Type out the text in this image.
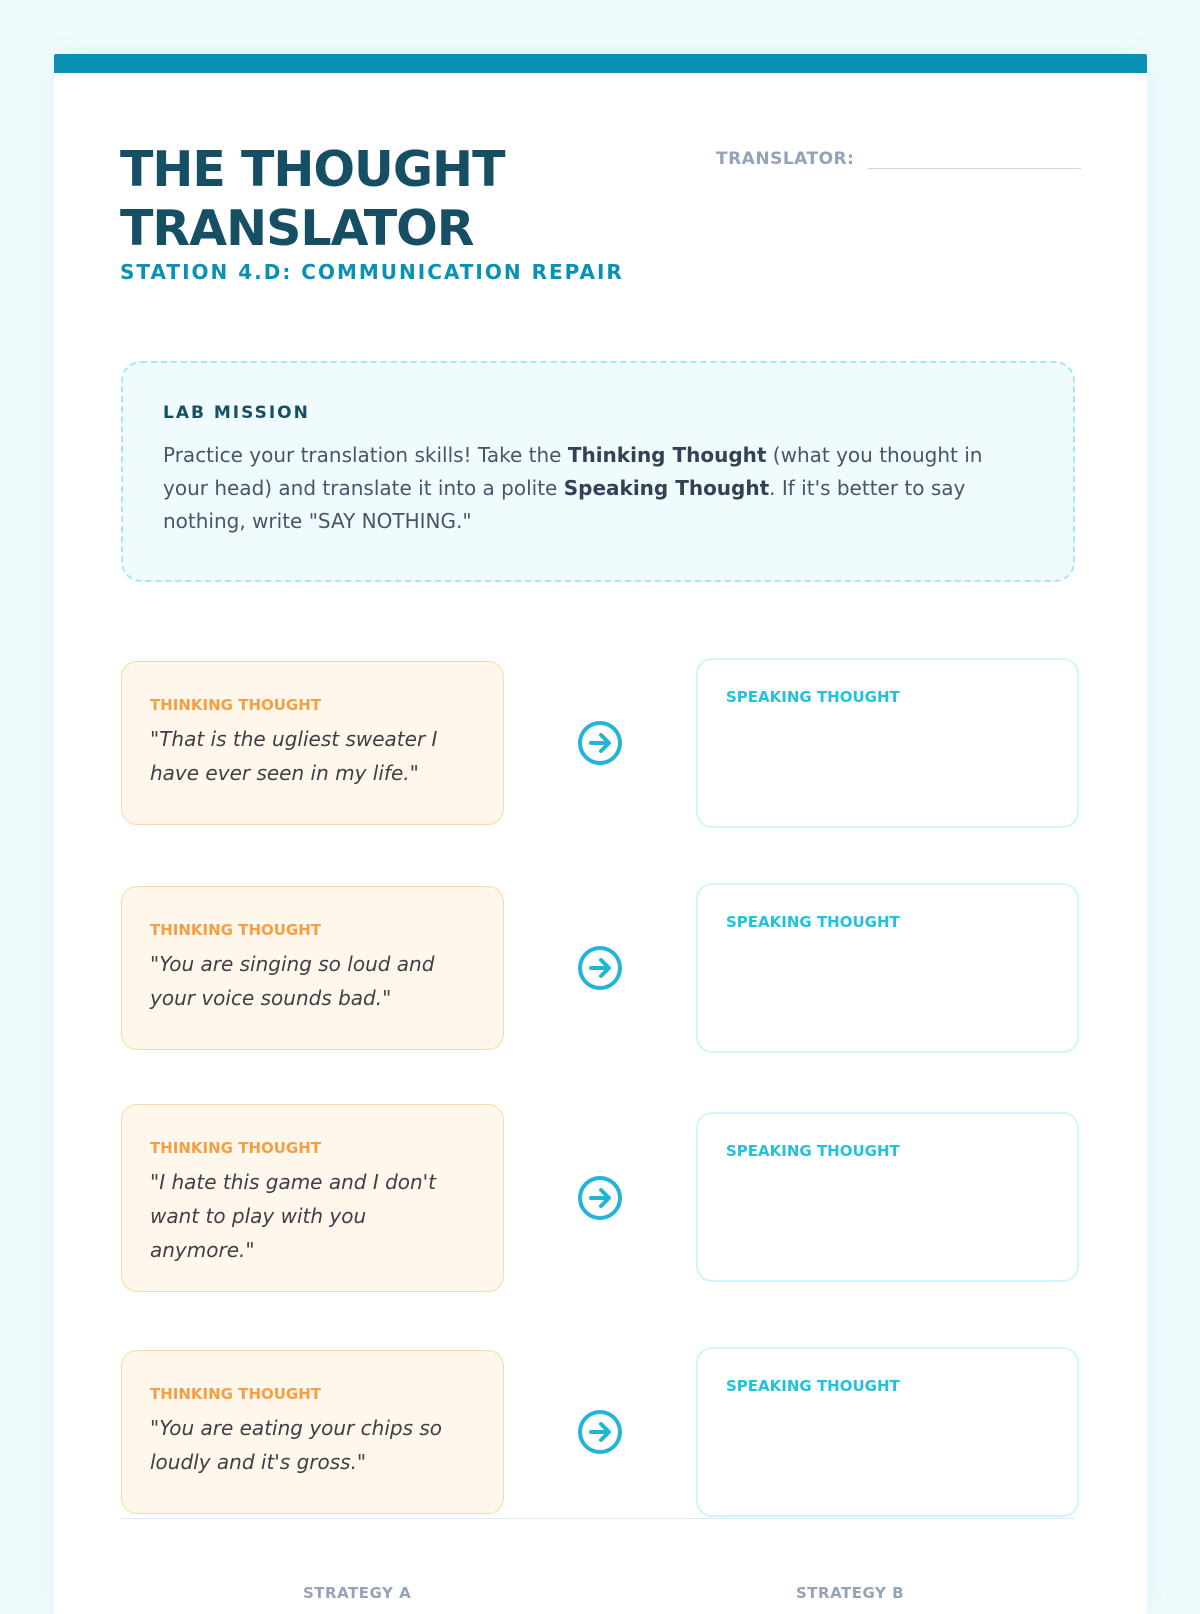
THE THOUGHT
TRANSLATOR
STATION 4.D: COMMUNICATION REPAIR
TRANSLATOR:
LAB MISSION
Practice your translation skills! Take the Thinking Thought (what you thought in your head) and translate it into a polite Speaking Thought. If it's better to say nothing, write "SAY NOTHING."
THINKING THOUGHT
"That is the ugliest sweater I have ever seen in my life."
SPEAKING THOUGHT
THINKING THOUGHT
"You are singing so loud and your voice sounds bad."
SPEAKING THOUGHT
THINKING THOUGHT
"I hate this game and I don't want to play with you anymore."
SPEAKING THOUGHT
THINKING THOUGHT
"You are eating your chips so loudly and it's gross."
SPEAKING THOUGHT
STRATEGY A	STRATEGY B
